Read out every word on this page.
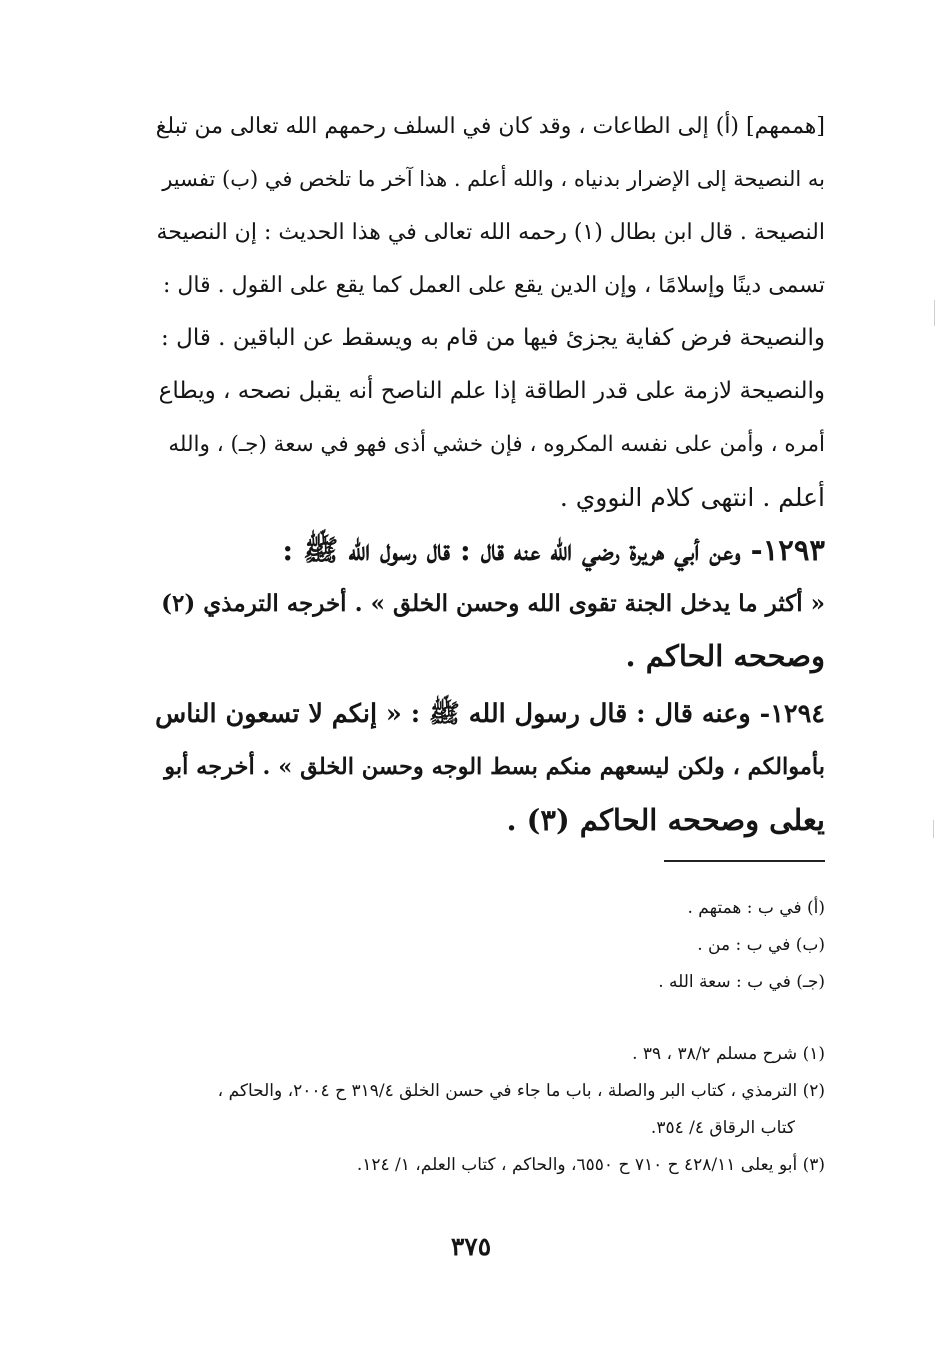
[هممهم] (أ) إلى الطاعات ، وقد كان في السلف رحمهم الله تعالى من تبلغ
به النصيحة إلى الإضرار بدنياه ، والله أعلم . هذا آخر ما تلخص في (ب) تفسير
النصيحة . قال ابن بطال (١) رحمه الله تعالى في هذا الحديث : إن النصيحة
تسمى دينًا وإسلامًا ، وإن الدين يقع على العمل كما يقع على القول . قال :
والنصيحة فرض كفاية يجزئ فيها من قام به ويسقط عن الباقين . قال :
والنصيحة لازمة على قدر الطاقة إذا علم الناصح أنه يقبل نصحه ، ويطاع
أمره ، وأمن على نفسه المكروه ، فإن خشي أذى فهو في سعة (جـ) ، والله
أعلم . انتهى كلام النووي .
١٢٩٣- وعن أبي هريرة رضي الله عنه قال : قال رسول الله ﷺ :
« أكثر ما يدخل الجنة تقوى الله وحسن الخلق » . أخرجه الترمذي (٢)
وصححه الحاكم .
١٢٩٤- وعنه قال : قال رسول الله ﷺ : « إنكم لا تسعون الناس
بأموالكم ، ولكن ليسعهم منكم بسط الوجه وحسن الخلق » . أخرجه أبو
يعلى وصححه الحاكم (٣) .
(أ) في ب : همتهم .
(ب) في ب : من .
(جـ) في ب : سعة الله .
(١) شرح مسلم ٣٨/٢ ، ٣٩ .
(٢) الترمذي ، كتاب البر والصلة ، باب ما جاء في حسن الخلق ٣١٩/٤ ح ٢٠٠٤، والحاكم ،
كتاب الرقاق ٤/ ٣٥٤.
(٣) أبو يعلى ٤٢٨/١١ ح ٧١٠ ح ٦٥٥٠، والحاكم ، كتاب العلم، ١/ ١٢٤.
٣٧٥
